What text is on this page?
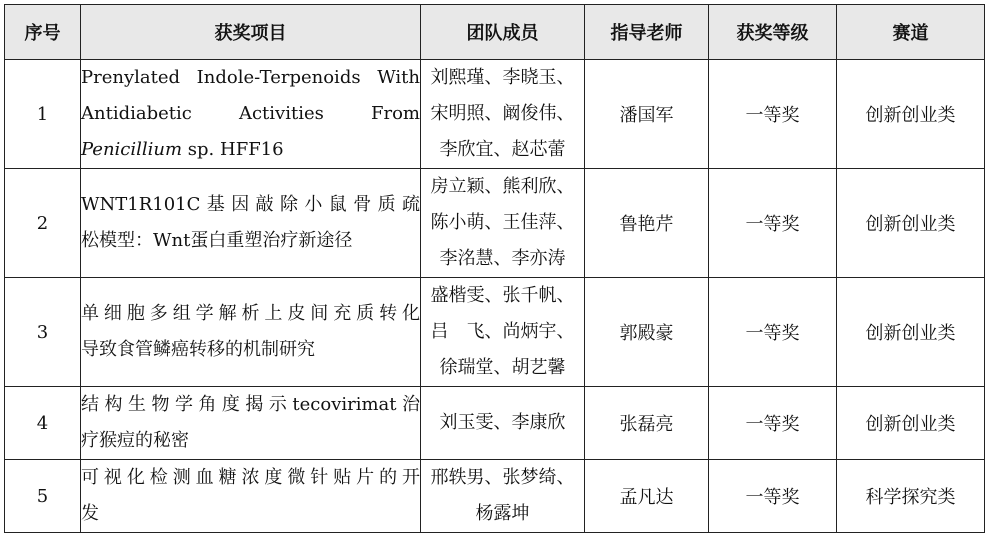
序号	获奖项目	团队成员	指导老师	获奖等级	赛道
1	Prenylated Indole-Terpenoids With
Antidiabetic Activities From
Penicillium sp. HFF16	刘熙瑾、李晓玉、
宋明照、阚俊伟、
李欣宜、赵芯蕾	潘国军	一等奖	创新创业类
2	WNT1R101C基因敲除小鼠骨质疏
松模型：Wnt蛋白重塑治疗新途径	房立颖、熊利欣、
陈小萌、王佳萍、
李洺慧、李亦涛	鲁艳芹	一等奖	创新创业类
3	单细胞多组学解析上皮间充质转化
导致食管鳞癌转移的机制研究	盛楷雯、张千帆、
吕　飞、尚炳宇、
徐瑞堂、胡艺馨	郭殿豪	一等奖	创新创业类
4	结构生物学角度揭示tecovirimat治
疗猴痘的秘密	刘玉雯、李康欣	张磊亮	一等奖	创新创业类
5	可视化检测血糖浓度微针贴片的开
发	邢轶男、张梦绮、
杨露坤	孟凡达	一等奖	科学探究类
